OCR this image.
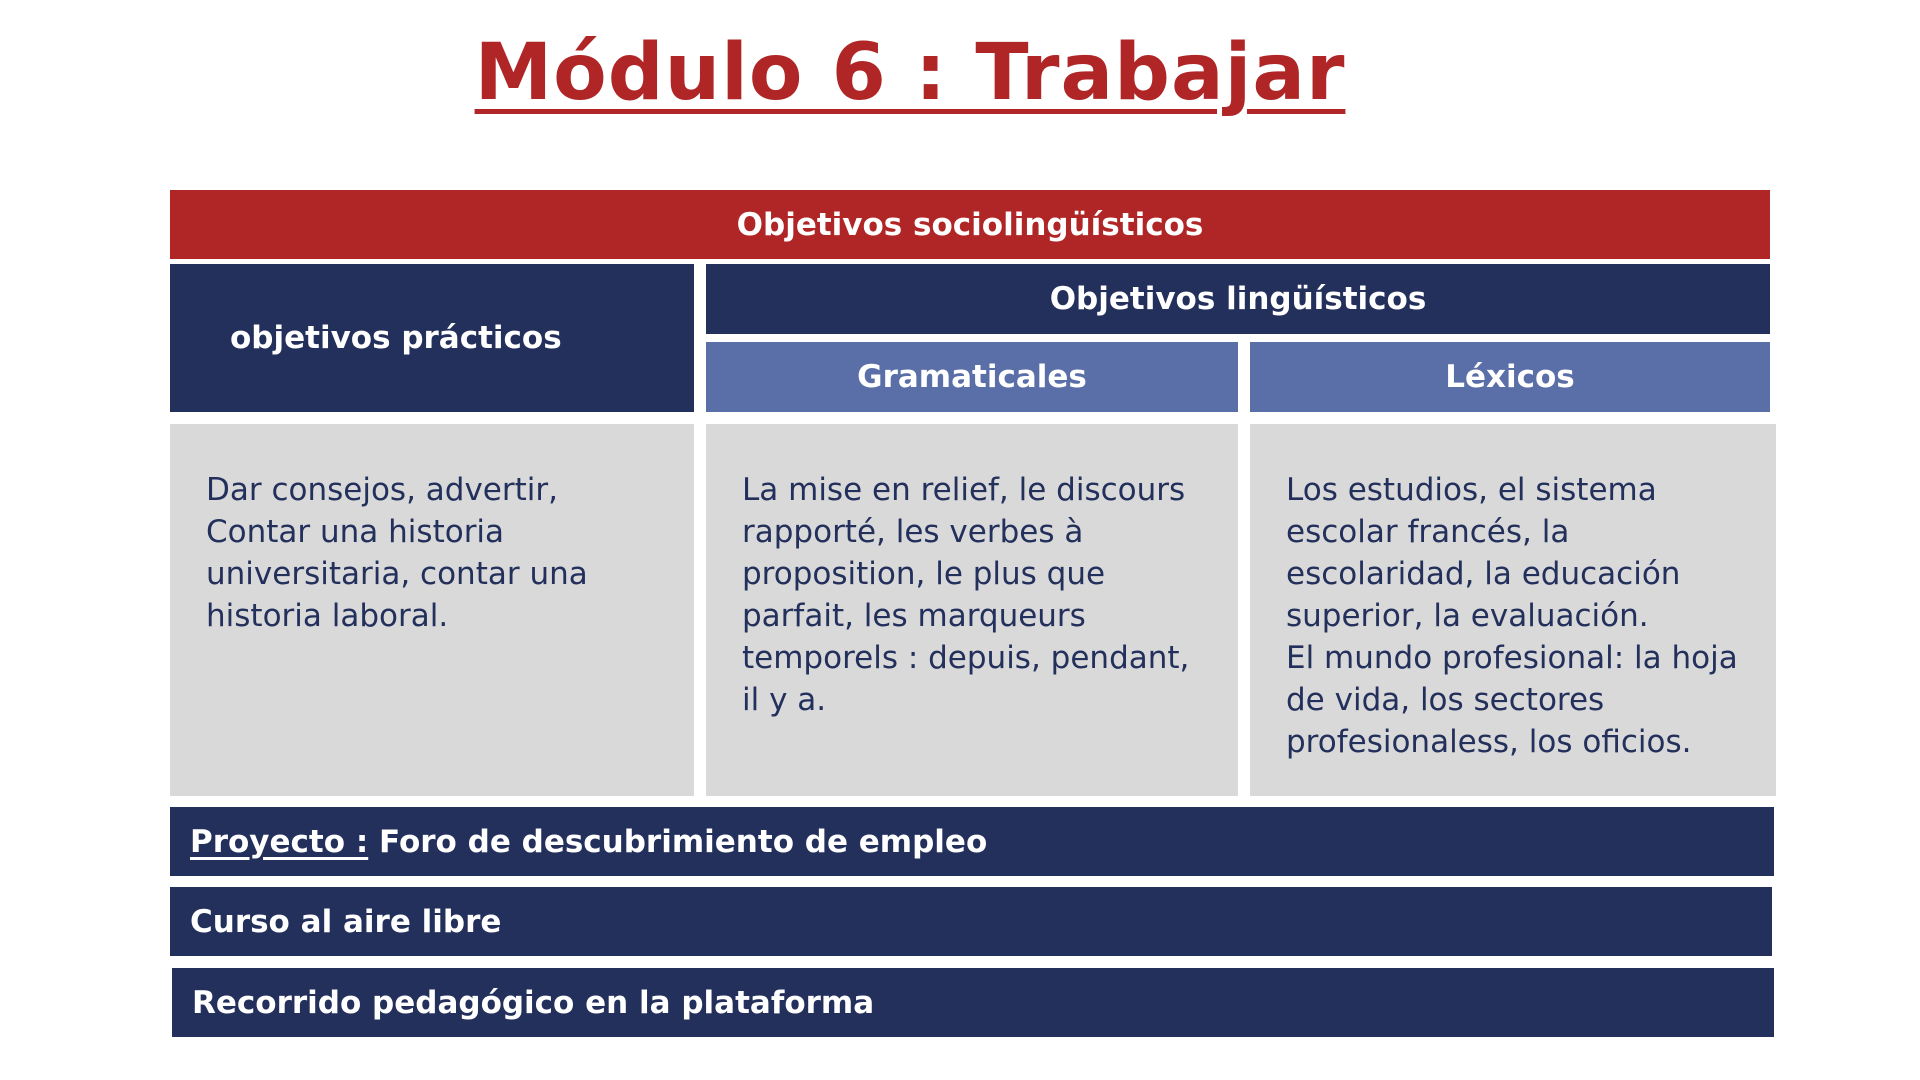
Módulo 6 : Trabajar
Objetivos sociolingüísticos
objetivos prácticos
Objetivos lingüísticos
Gramaticales	Léxicos

Dar consejos, advertir,

Contar una historia universitaria, contar una historia laboral.

La mise en relief, le discours rapporté, les verbes à proposition, le plus que parfait, les marqueurs temporels : depuis, pendant, il y a.

Los estudios, el sistema escolar francés, la escolaridad, la educación superior, la evaluación.

El mundo profesional: la hoja de vida, los sectores profesionaless, los oficios.

Proyecto : Foro de descubrimiento de empleo
Curso al aire libre
Recorrido pedagógico en la plataforma
